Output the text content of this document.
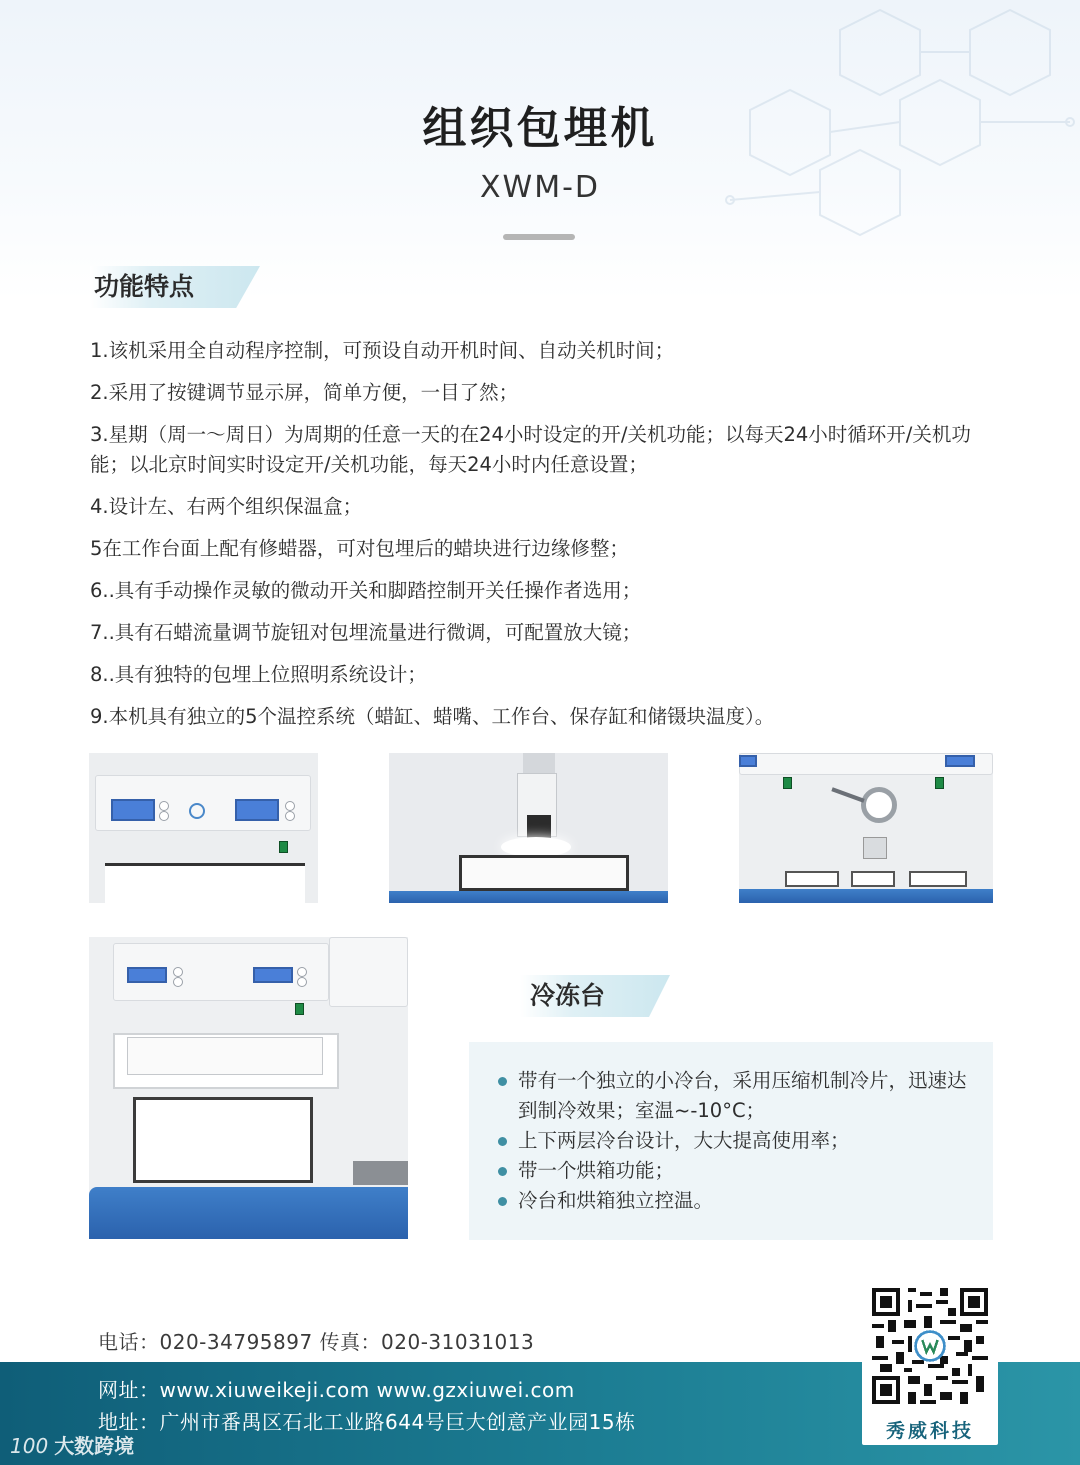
组织包埋机
XWM-D
功能特点
1.该机采用全自动程序控制，可预设自动开机时间、自动关机时间；
2.采用了按键调节显示屏，简单方便，一目了然；
3.星期（周一～周日）为周期的任意一天的在24小时设定的开/关机功能；以每天24小时循环开/关机功能；以北京时间实时设定开/关机功能，每天24小时内任意设置；
4.设计左、右两个组织保温盒；
5在工作台面上配有修蜡器，可对包埋后的蜡块进行边缘修整；
6..具有手动操作灵敏的微动开关和脚踏控制开关任操作者选用；
7..具有石蜡流量调节旋钮对包埋流量进行微调，可配置放大镜；
8..具有独特的包埋上位照明系统设计；
9.本机具有独立的5个温控系统（蜡缸、蜡嘴、工作台、保存缸和储镊块温度）。
冷冻台
带有一个独立的小冷台，采用压缩机制冷片，迅速达到制冷效果；室温~-10°C；
上下两层冷台设计，大大提高使用率；
带一个烘箱功能；
冷台和烘箱独立控温。
电话：020-34795897 传真：020-31031013
网址：www.xiuweikeji.com www.gzxiuwei.com
地址：广州市番禺区石北工业路644号巨大创意产业园15栋	秀威科技
100 大数跨境
